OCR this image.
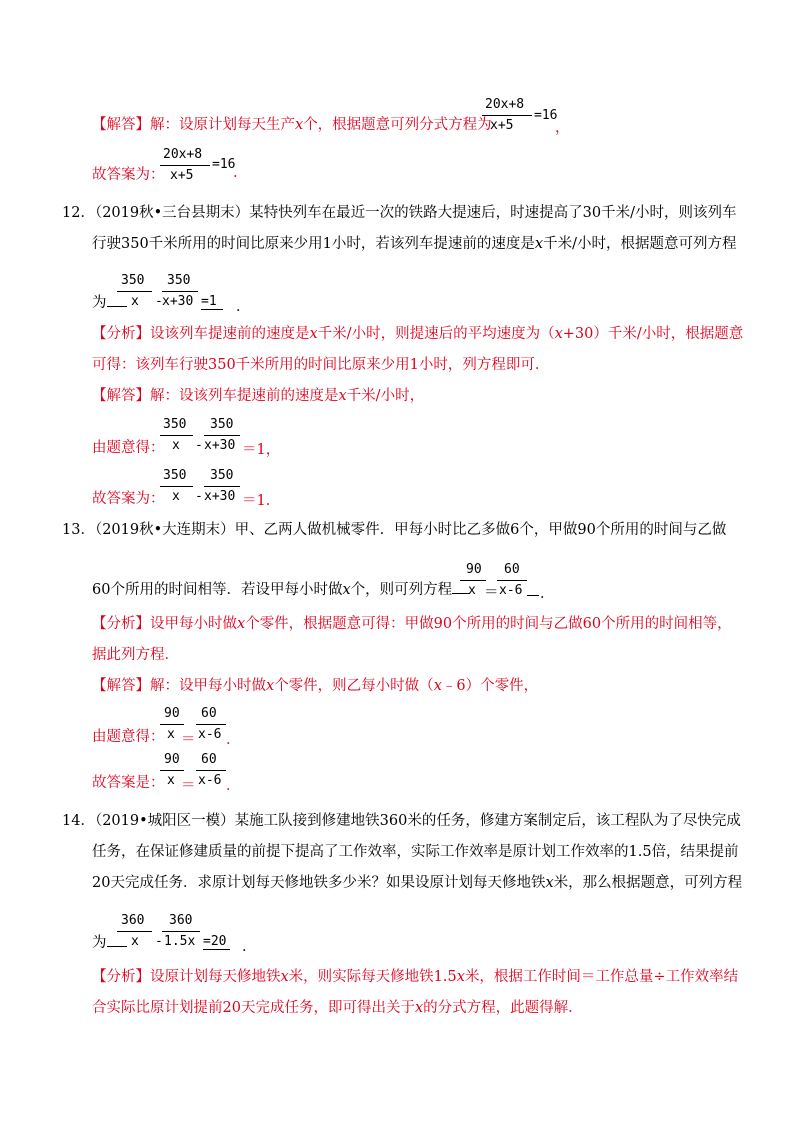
【解答】解：设原计划每天生产x个，根据题意可列分式方程为
20x+8
x+5
=16
，
故答案为：
20x+8
x+5
=16
.
12．（2019秋•三台县期末）某特快列车在最近一次的铁路大提速后，时速提高了30千米/小时，则该列车
行驶350千米所用的时间比原来少用1小时，若该列车提速前的速度是x千米/小时，根据题意可列方程
为
350
x -
350
x+30 =1	．
【分析】设该列车提速前的速度是x千米/小时，则提速后的平均速度为（x+30）千米/小时，根据题意
可得：该列车行驶350千米所用的时间比原来少用1小时，列方程即可．
【解答】解：设该列车提速前的速度是x千米/小时，
由题意得：
350
x -
350
x+30 ＝1，
故答案为：
350
x -
350
x+30 ＝1．
13．（2019秋•大连期末）甲、乙两人做机械零件．甲每小时比乙多做6个，甲做90个所用的时间与乙做
60个所用的时间相等．若设甲每小时做x个，则可列方程
90
x ＝
60
x-6 ．
【分析】设甲每小时做x个零件，根据题意可得：甲做90个所用的时间与乙做60个所用的时间相等，
据此列方程．
【解答】解：设甲每小时做x个零件，则乙每小时做（x﹣6）个零件，
由题意得：
90
x ＝
60
x-6 ．
故答案是：
90
x ＝
60
x-6 ．
14．（2019•城阳区一模）某施工队接到修建地铁360米的任务，修建方案制定后，该工程队为了尽快完成
任务，在保证修建质量的前提下提高了工作效率，实际工作效率是原计划工作效率的1.5倍，结果提前
20天完成任务．求原计划每天修地铁多少米？如果设原计划每天修地铁x米，那么根据题意，可列方程
为
360
x -
360
1.5x =20 ．
【分析】设原计划每天修地铁x米，则实际每天修地铁1.5x米，根据工作时间＝工作总量÷工作效率结
合实际比原计划提前20天完成任务，即可得出关于x的分式方程，此题得解．
